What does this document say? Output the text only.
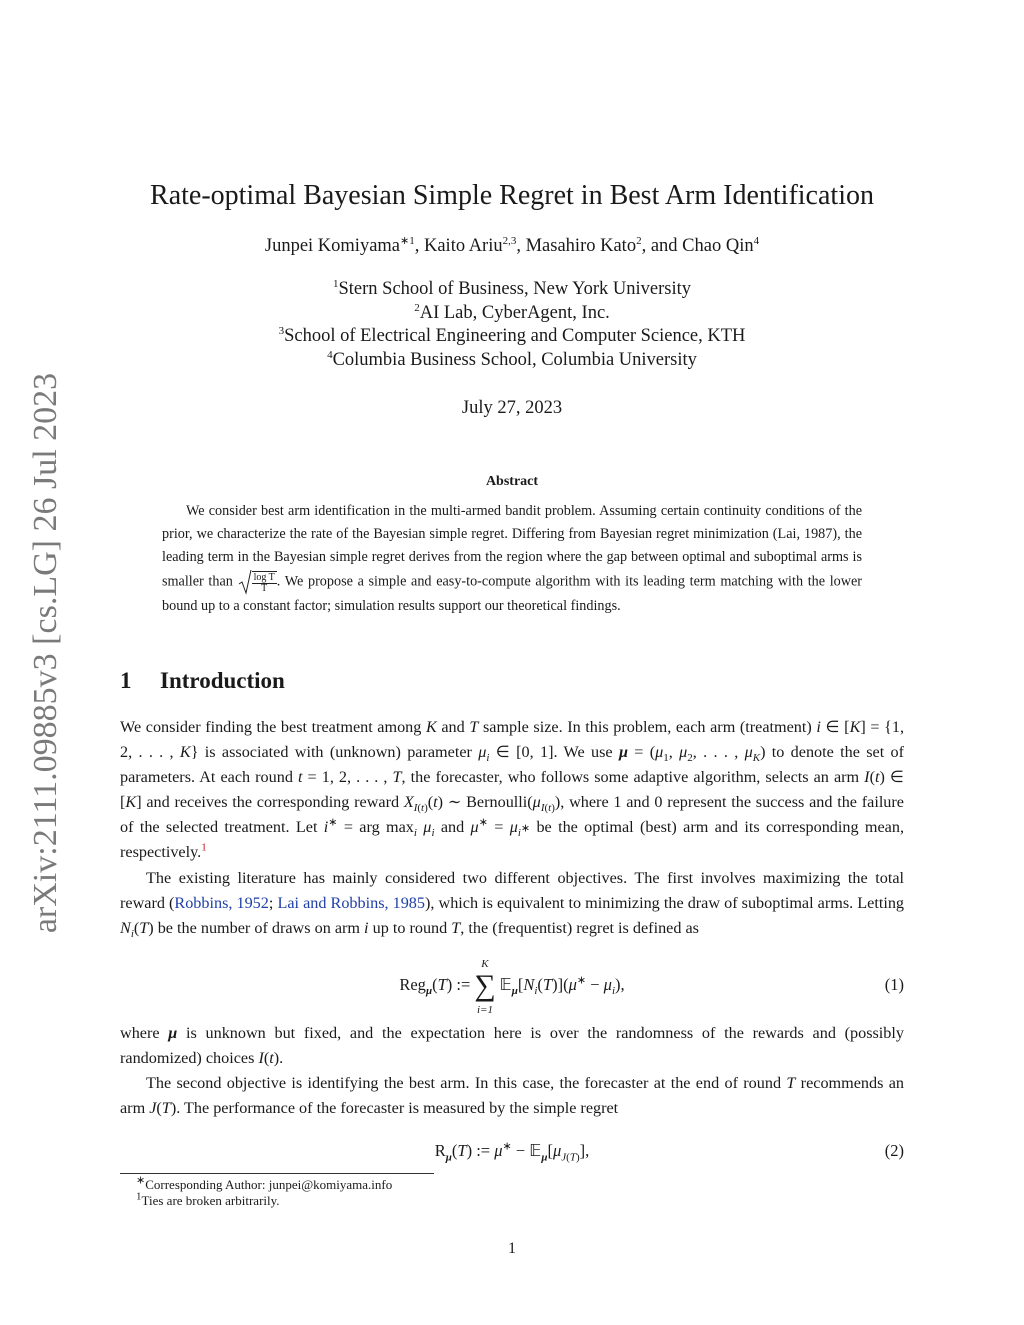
arXiv:2111.09885v3 [cs.LG] 26 Jul 2023
Rate-optimal Bayesian Simple Regret in Best Arm Identification
Junpei Komiyama$^{∗1}$, Kaito Ariu$^{2,3}$, Masahiro Kato$^2$, and Chao Qin$^4$
$^1$Stern School of Business, New York University
$^2$AI Lab, CyberAgent, Inc.
$^3$School of Electrical Engineering and Computer Science, KTH
$^4$Columbia Business School, Columbia University
July 27, 2023
Abstract
We consider best arm identification in the multi-armed bandit problem. Assuming certain continuity conditions of the prior, we characterize the rate of the Bayesian simple regret. Differing from Bayesian regret minimization (Lai, 1987), the leading term in the Bayesian simple regret derives from the region where the gap between optimal and suboptimal arms is smaller than $\frac{\text{log T}}{T}$. We propose a simple and easy-to-compute algorithm with its leading term matching with the lower bound up to a constant factor; simulation results support our theoretical findings.
1 Introduction
We consider finding the best treatment among K and T sample size. In this problem, each arm (treatment) i ∈ [K] = {1, 2, . . . , K} is associated with (unknown) parameter $\mu_i$ ∈ [0, 1]. We use $\mu = (\mu_1$, $\mu_2$, . . . , $\mu_K$) to denote the set of parameters. At each round t = 1, 2, . . . , T, the forecaster, who follows some adaptive algorithm, selects an arm I(t) ∈ [K] and receives the corresponding reward $X_{I(t)}(t)$ ∼ $Bernoulli(\mu_{I(t)})$, where 1 and 0 represent the success and the failure of the selected treatment. Let i∗ = arg $\max_i \mu_i$ and $\mu^∗ = \mu_{i^∗}$ be the optimal (best) arm and its corresponding mean, respectively.$^1$
The existing literature has mainly considered two different objectives. The first involves maximizing the total reward (Robbins, 1952; Lai and Robbins, 1985), which is equivalent to minimizing the draw of suboptimal arms. Letting $N_i(T)$ be the number of draws on arm i up to round T, the (frequentist) regret is defined as
Reg$_\mu$(T) :=K
∑
$i=1𝔼_\mu[N_i(T)](\mu^∗ - \mu_i)$,	(1)
where μ is unknown but fixed, and the expectation here is over the randomness of the rewards and (possibly randomized) choices I(t).
The second objective is identifying the best arm. In this case, the forecaster at the end of round T recommends an arm J(T). The performance of the forecaster is measured by the simple regret
$R_\mu(T)$ := $\mu^∗ - 𝔼_\mu[\mu_{J(T)}]$,	(2)
∗Corresponding Author: junpei@komiyama.info
$^1$Ties are broken arbitrarily.
1
